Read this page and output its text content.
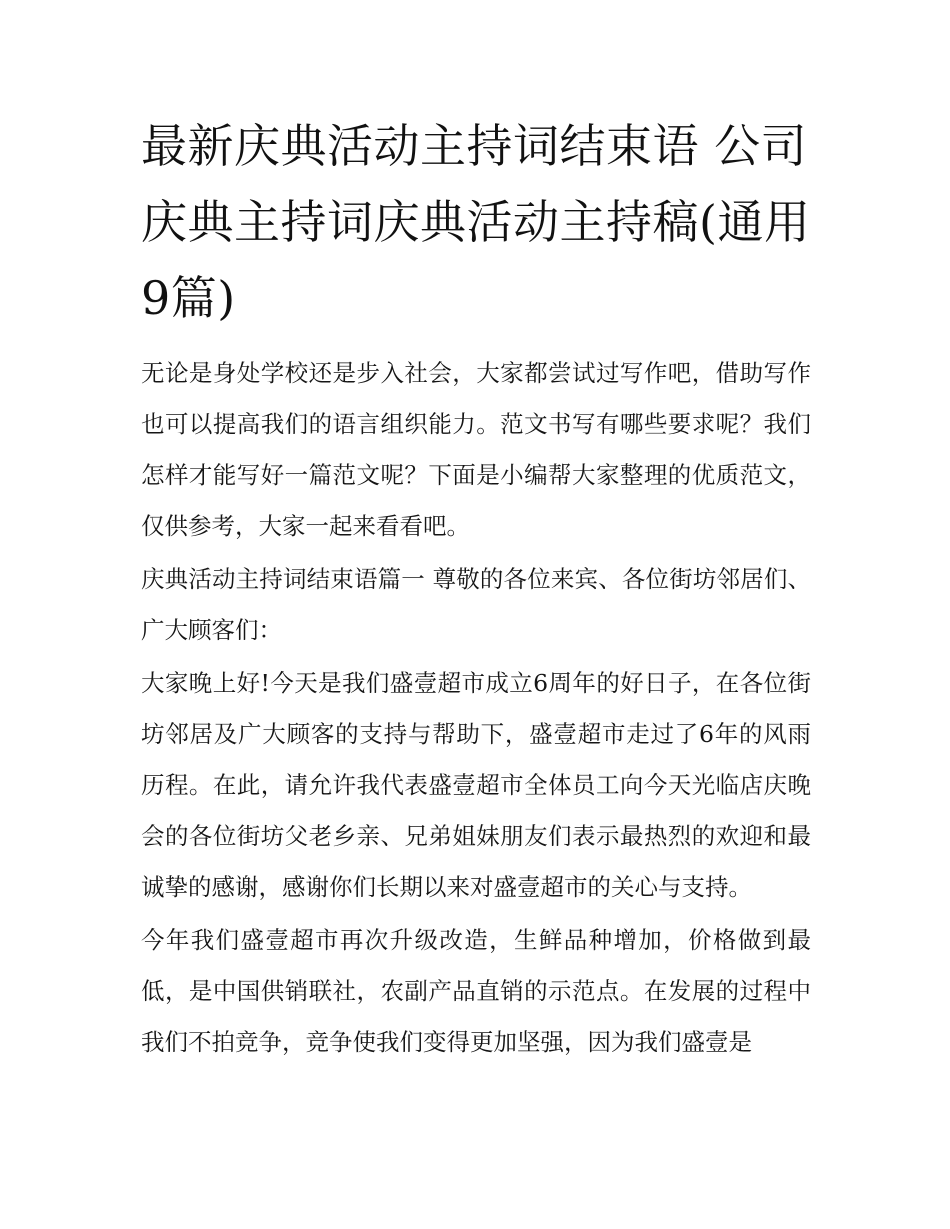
最新庆典活动主持词结束语 公司庆典主持词庆典活动主持稿(通用9篇)

无论是身处学校还是步入社会，大家都尝试过写作吧，借助写作也可以提高我们的语言组织能力。范文书写有哪些要求呢？我们怎样才能写好一篇范文呢？下面是小编帮大家整理的优质范文，仅供参考，大家一起来看看吧。

庆典活动主持词结束语篇一 尊敬的各位来宾、各位街坊邻居们、广大顾客们：

大家晚上好!今天是我们盛壹超市成立6周年的好日子，在各位街坊邻居及广大顾客的支持与帮助下，盛壹超市走过了6年的风雨历程。在此，请允许我代表盛壹超市全体员工向今天光临店庆晚会的各位街坊父老乡亲、兄弟姐妹朋友们表示最热烈的欢迎和最诚挚的感谢，感谢你们长期以来对盛壹超市的关心与支持。

今年我们盛壹超市再次升级改造，生鲜品种增加，价格做到最低，是中国供销联社，农副产品直销的示范点。在发展的过程中我们不拍竞争，竞争使我们变得更加坚强，因为我们盛壹是
